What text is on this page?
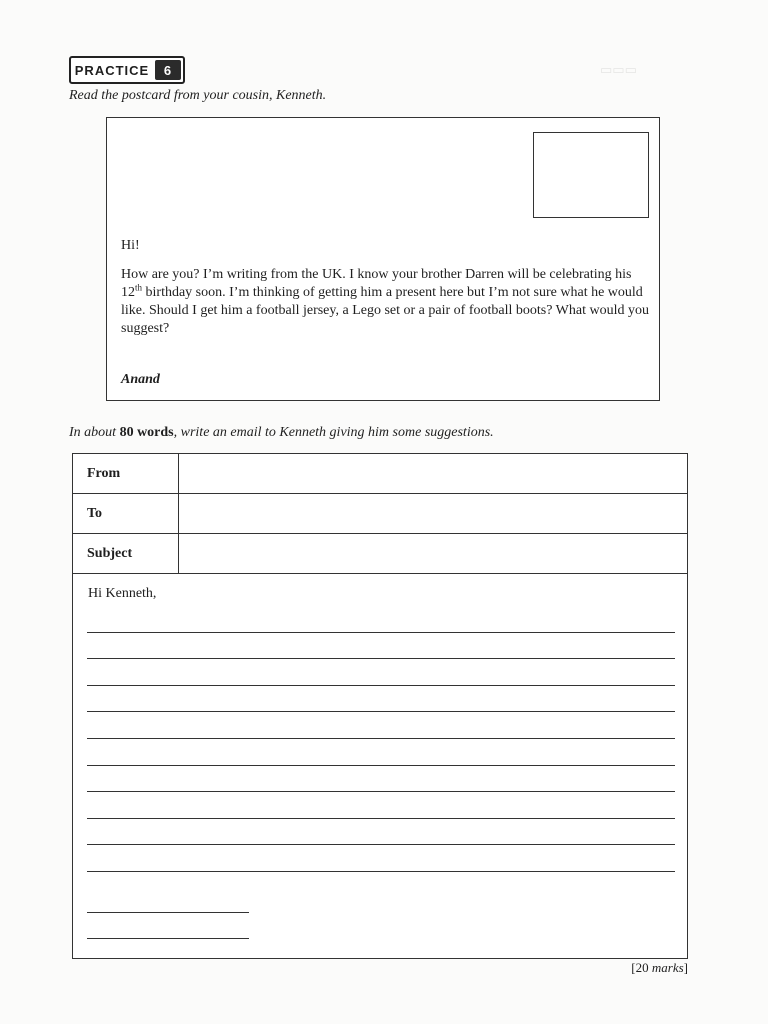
▭▭▭
PRACTICE	6
Read the postcard from your cousin, Kenneth.
Hi!
How are you? I’m writing from the UK. I know your brother Darren will be celebrating his 12th birthday soon. I’m thinking of getting him a present here but I’m not sure what he would like. Should I get him a football jersey, a Lego set or a pair of football boots? What would you suggest?
Anand
In about 80 words, write an email to Kenneth giving him some suggestions.
From
To
Subject
Hi Kenneth,
[20 marks]
